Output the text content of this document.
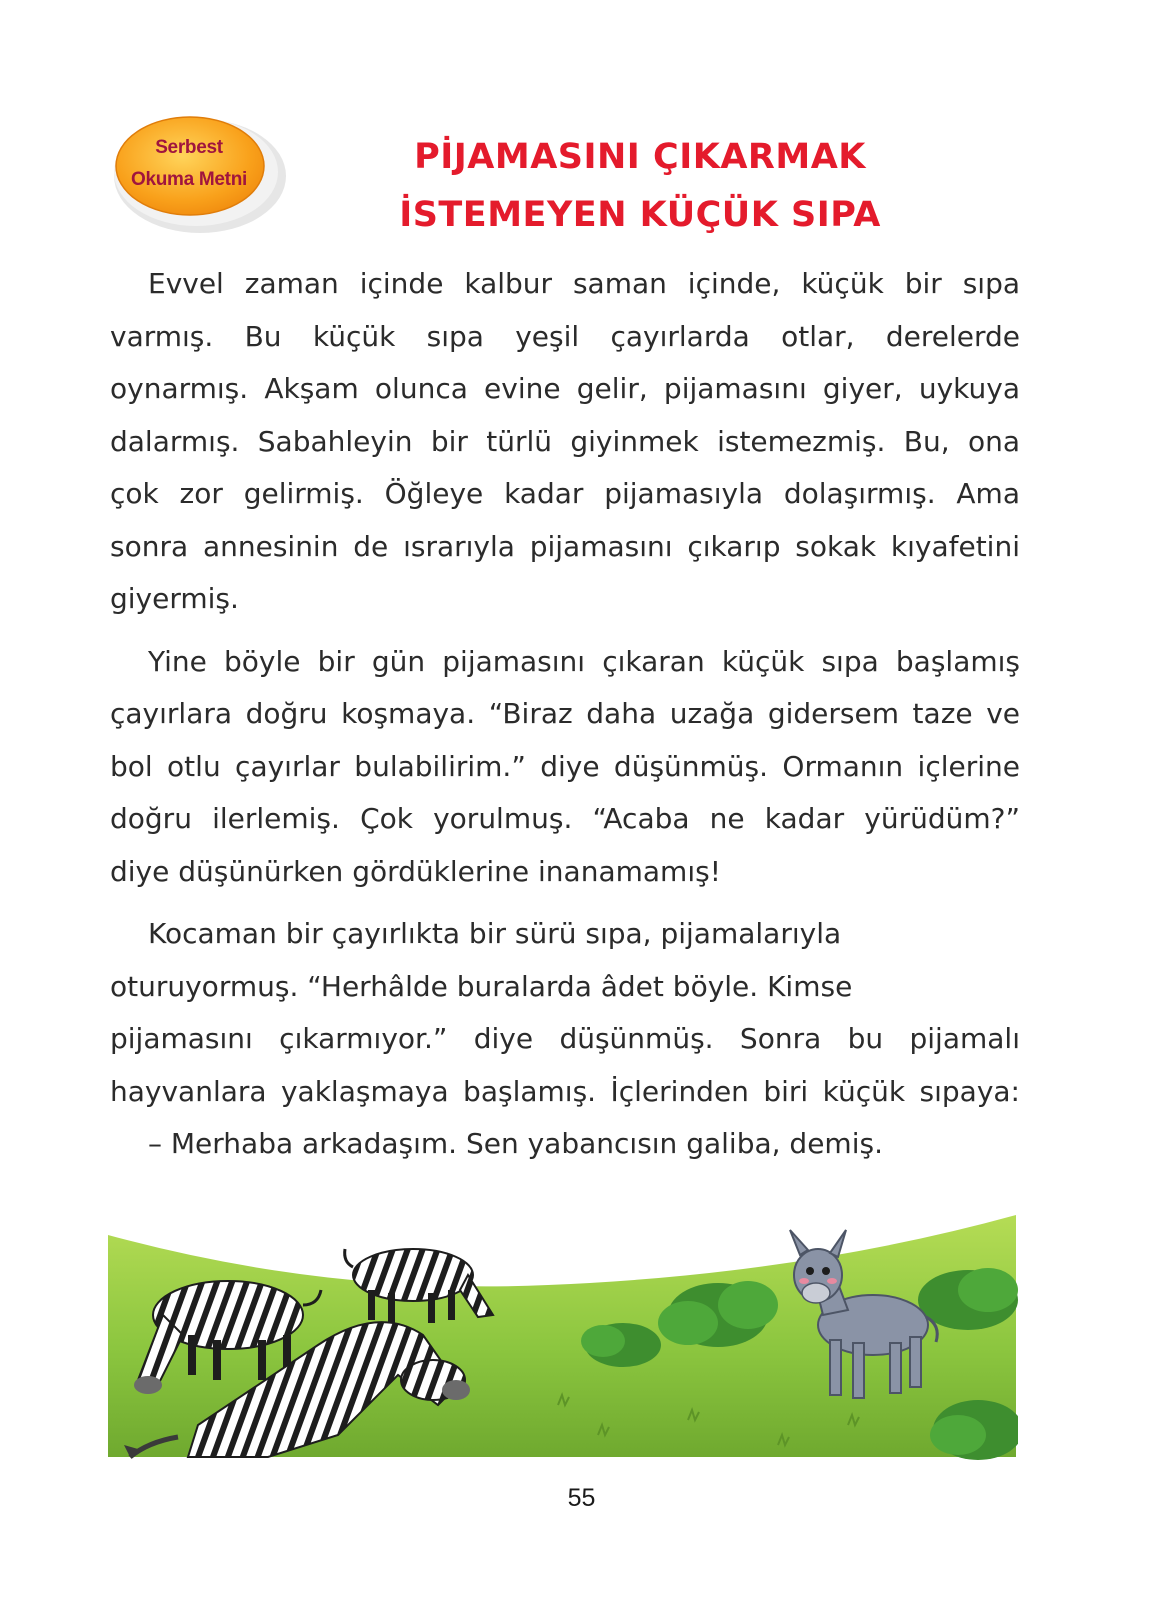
Serbest
Okuma Metni
PİJAMASINI ÇIKARMAK
İSTEMEYEN KÜÇÜK SIPA
Evvel zaman içinde kalbur saman içinde, küçük bir sıpa
varmış. Bu küçük sıpa yeşil çayırlarda otlar, derelerde
oynarmış. Akşam olunca evine gelir, pijamasını giyer, uykuya
dalarmış. Sabahleyin bir türlü giyinmek istemezmiş. Bu, ona
çok zor gelirmiş. Öğleye kadar pijamasıyla dolaşırmış. Ama
sonra annesinin de ısrarıyla pijamasını çıkarıp sokak kıyafetini
giyermiş.
Yine böyle bir gün pijamasını çıkaran küçük sıpa başlamış
çayırlara doğru koşmaya. “Biraz daha uzağa gidersem taze ve
bol otlu çayırlar bulabilirim.” diye düşünmüş. Ormanın içlerine
doğru ilerlemiş. Çok yorulmuş. “Acaba ne kadar yürüdüm?”
diye düşünürken gördüklerine inanamamış!
Kocaman bir çayırlıkta bir sürü sıpa, pijamalarıyla
oturuyormuş. “Herhâlde buralarda âdet böyle. Kimse
pijamasını çıkarmıyor.” diye düşünmüş. Sonra bu pijamalı
hayvanlara yaklaşmaya başlamış. İçlerinden biri küçük sıpaya:
– Merhaba arkadaşım. Sen yabancısın galiba, demiş.
55
